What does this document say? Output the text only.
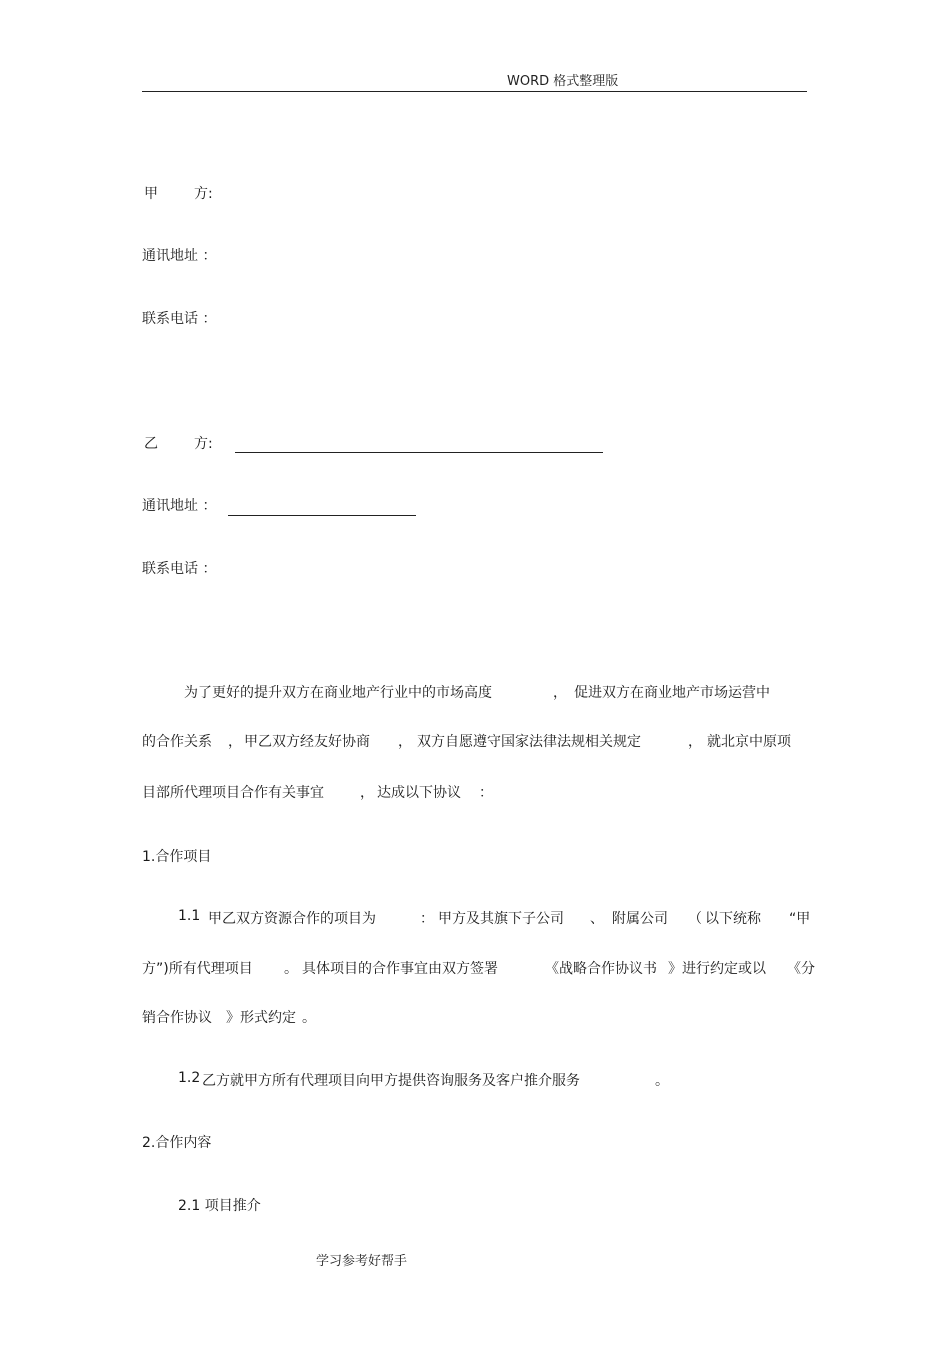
WORD 格式整理版
甲	方:
通讯地址 ：
联系电话 ：
乙	方:
通讯地址 ：
联系电话 ：
为了更好的提升双方在商业地产行业中的市场高度	， 促进双方在商业地产市场运营中
的合作关系 ， 甲乙双方经友好协商 ， 双方自愿遵守国家法律法规相关规定	， 就北京中原项
目部所代理项目合作有关事宜	， 达成以下协议 ：
1.合作项目
1.1 甲乙双方资源合作的项目为	： 甲方及其旗下子公司 、 附属公司 （ 以下统称 “甲
方”)所有代理项目 。 具体项目的合作事宜由双方签署	《战略合作协议书 》进行约定或以 《分
销合作协议 》形式约定 。
1.2 乙方就甲方所有代理项目向甲方提供咨询服务及客户推介服务	。
2.合作内容
2.1 项目推介
学习参考好帮手
